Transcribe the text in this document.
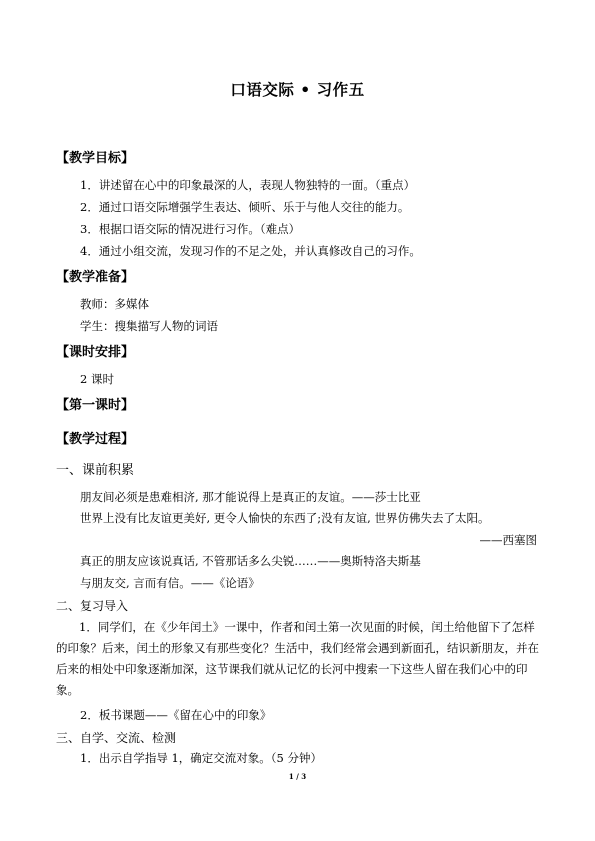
口语交际 • 习作五
【教学目标】
1．讲述留在心中的印象最深的人，表现人物独特的一面。（重点）
2．通过口语交际增强学生表达、倾听、乐于与他人交往的能力。
3．根据口语交际的情况进行习作。（难点）
4．通过小组交流，发现习作的不足之处，并认真修改自己的习作。
【教学准备】
教师：多媒体
学生：搜集描写人物的词语
【课时安排】
2 课时
【第一课时】
【教学过程】
一、课前积累
朋友间必须是患难相济, 那才能说得上是真正的友谊。——莎士比亚
世界上没有比友谊更美好, 更令人愉快的东西了;没有友谊, 世界仿佛失去了太阳。
——西塞图
真正的朋友应该说真话, 不管那话多么尖锐……——奥斯特洛夫斯基
与朋友交, 言而有信。——《论语》
二、复习导入
1．同学们，在《少年闰土》一课中，作者和闰土第一次见面的时候，闰土给他留下了怎样的印象？后来，闰土的形象又有那些变化？生活中，我们经常会遇到新面孔，结识新朋友，并在后来的相处中印象逐渐加深，这节课我们就从记忆的长河中搜索一下这些人留在我们心中的印象。
2．板书课题——《留在心中的印象》
三、自学、交流、检测
1．出示自学指导 1，确定交流对象。（5 分钟）
1 / 3
